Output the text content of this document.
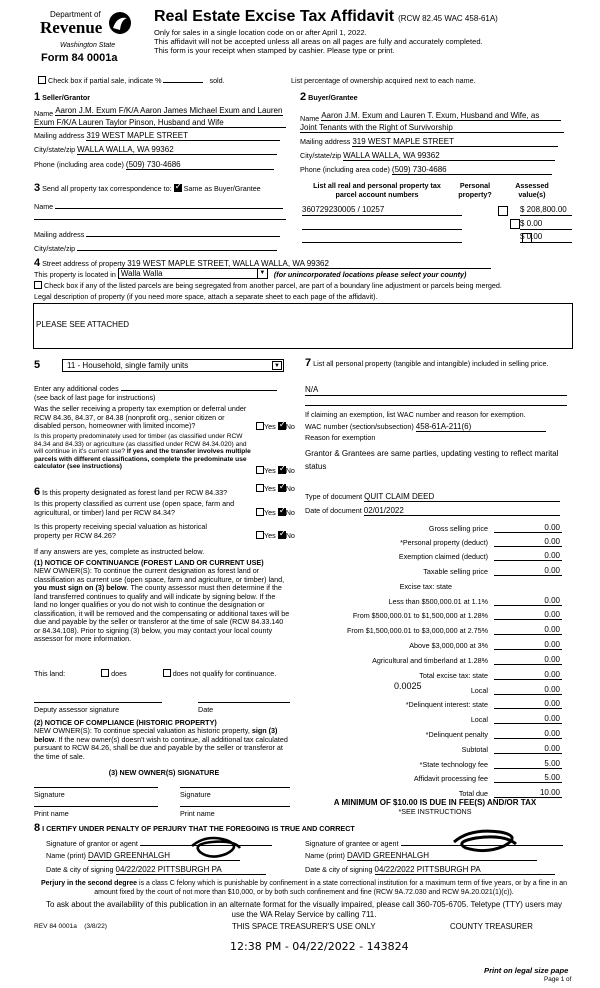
Department of
Revenue
Washington State
Form 84 0001a
Real Estate Excise Tax Affidavit (RCW 82.45 WAC 458-61A)
Only for sales in a single location code on or after April 1, 2022.
This affidavit will not be accepted unless all areas on all pages are fully and accurately completed.
This form is your receipt when stamped by cashier. Please type or print.
Check box if partial sale, indicate %	sold.	List percentage of ownership acquired next to each name.
1 Seller/Grantor
Name Aaron J.M. Exum F/K/A Aaron James Michael Exum and Lauren
Exum F/K/A Lauren Taylor Pinson, Husband and Wife
Mailing address 319 WEST MAPLE STREET
City/state/zip WALLA WALLA, WA 99362
Phone (including area code) (509) 730-4686
2 Buyer/Grantee
Name Aaron J.M. Exum and Lauren T. Exum, Husband and Wife, as
Joint Tenants with the Right of Survivorship
Mailing address 319 WEST MAPLE STREET
City/state/zip WALLA WALLA, WA 99362
Phone (including area code) (509) 730-4686
3 Send all property tax correspondence to: ✓ Same as Buyer/Grantee
Name
Mailing address
City/state/zip
List all real and personal property tax parcel account numbers
Personal property?
Assessed value(s)
360729230005 / 10257
	$ 208,800.00

$ 0.00
$ 0.00
4 Street address of property 319 WEST MAPLE STREET, WALLA WALLA, WA 99362
This property is located in Walla Walla	▼ (for unincorporated locations please select your county)
Check box if any of the listed parcels are being segregated from another parcel, are part of a boundary line adjustment or parcels being merged.
Legal description of property (if you need more space, attach a separate sheet to each page of the affidavit).
PLEASE SEE ATTACHED
5	11 - Household, single family units	▼
Enter any additional codes
(see back of last page for instructions)
Was the seller receiving a property tax exemption or deferral under RCW 84.36, 84.37, or 84.38 (nonprofit org., senior citizen or disabled person, homeowner with limited income)?	Yes ✓ No
Is this property predominately used for timber (as classified under RCW 84.34 and 84.33) or agriculture (as classified under RCW 84.34.020) and will continue in it's current use? If yes and the transfer involves multiple parcels with different classifications, complete the predominate use calculator (see instructions)	Yes ✓ No
6 Is this property designated as forest land per RCW 84.33?	Yes ✓ No
Is this property classified as current use (open space, farm and agricultural, or timber) land per RCW 84.34?	Yes ✓ No
Is this property receiving special valuation as historical property per RCW 84.26?	Yes ✓ No
If any answers are yes, complete as instructed below.
(1) NOTICE OF CONTINUANCE (FOREST LAND OR CURRENT USE)
NEW OWNER(S): To continue the current designation as forest land or classification as current use (open space, farm and agriculture, or timber) land, you must sign on (3) below. The county assessor must then determine if the land transferred continues to qualify and will indicate by signing below. If the land no longer qualifies or you do not wish to continue the designation or classification, it will be removed and the compensating or additional taxes will be due and payable by the seller or transferor at the time of sale (RCW 84.33.140 or 84.34.108). Prior to signing (3) below, you may contact your local county assessor for more information.
This land:	does	does not qualify for continuance.
Deputy assessor signature	Date
(2) NOTICE OF COMPLIANCE (HISTORIC PROPERTY)
NEW OWNER(S): To continue special valuation as historic property, sign (3) below. If the new owner(s) doesn't wish to continue, all additional tax calculated pursuant to RCW 84.26, shall be due and payable by the seller or transferor at the time of sale.
(3) NEW OWNER(S) SIGNATURE
Signature	Signature
Print name	Print name
7 List all personal property (tangible and intangible) included in selling price.
N/A
If claiming an exemption, list WAC number and reason for exemption.
WAC number (section/subsection) 458-61A-211(6)
Reason for exemption
Grantor & Grantees are same parties, updating vesting to reflect marital status
Type of document QUIT CLAIM DEED
Date of document 02/01/2022
Gross selling price	0.00
*Personal property (deduct)	0.00
Exemption claimed (deduct)	0.00
Taxable selling price	0.00
Excise tax: state
Less than $500,000.01 at 1.1%	0.00
From $500,000.01 to $1,500,000 at 1.28%	0.00
From $1,500,000.01 to $3,000,000 at 2.75%	0.00
Above $3,000,000 at 3%	0.00
Agricultural and timberland at 1.28%	0.00
Total excise tax: state	0.00
Local	0.00
*Delinquent interest: state	0.00
Local	0.00
*Delinquent penalty	0.00
Subtotal	0.00
*State technology fee	5.00
Affidavit processing fee	5.00
Total due	10.00
0.0025
A MINIMUM OF $10.00 IS DUE IN FEE(S) AND/OR TAX
*SEE INSTRUCTIONS
8 I CERTIFY UNDER PENALTY OF PERJURY THAT THE FOREGOING IS TRUE AND CORRECT
Signature of grantor or agent
Name (print) DAVID GREENHALGH
Date & city of signing 04/22/2022 PITTSBURGH PA
Signature of grantee or agent
Name (print) DAVID GREENHALGH
Date & city of signing 04/22/2022 PITTSBURGH PA
Perjury in the second degree is a class C felony which is punishable by confinement in a state correctional institution for a maximum term of five years, or by a fine in an amount fixed by the court of not more than $10,000, or by both such confinement and fine (RCW 9A.72.030 and RCW 9A.20.021(1)(c)).
To ask about the availability of this publication in an alternate format for the visually impaired, please call 360-705-6705. Teletype (TTY) users may use the WA Relay Service by calling 711.
REV 84 0001a    (3/8/22)	THIS SPACE TREASURER'S USE ONLY	COUNTY TREASURER
12:38 PM - 04/22/2022 - 143824
Print on legal size pape
Page 1 of
